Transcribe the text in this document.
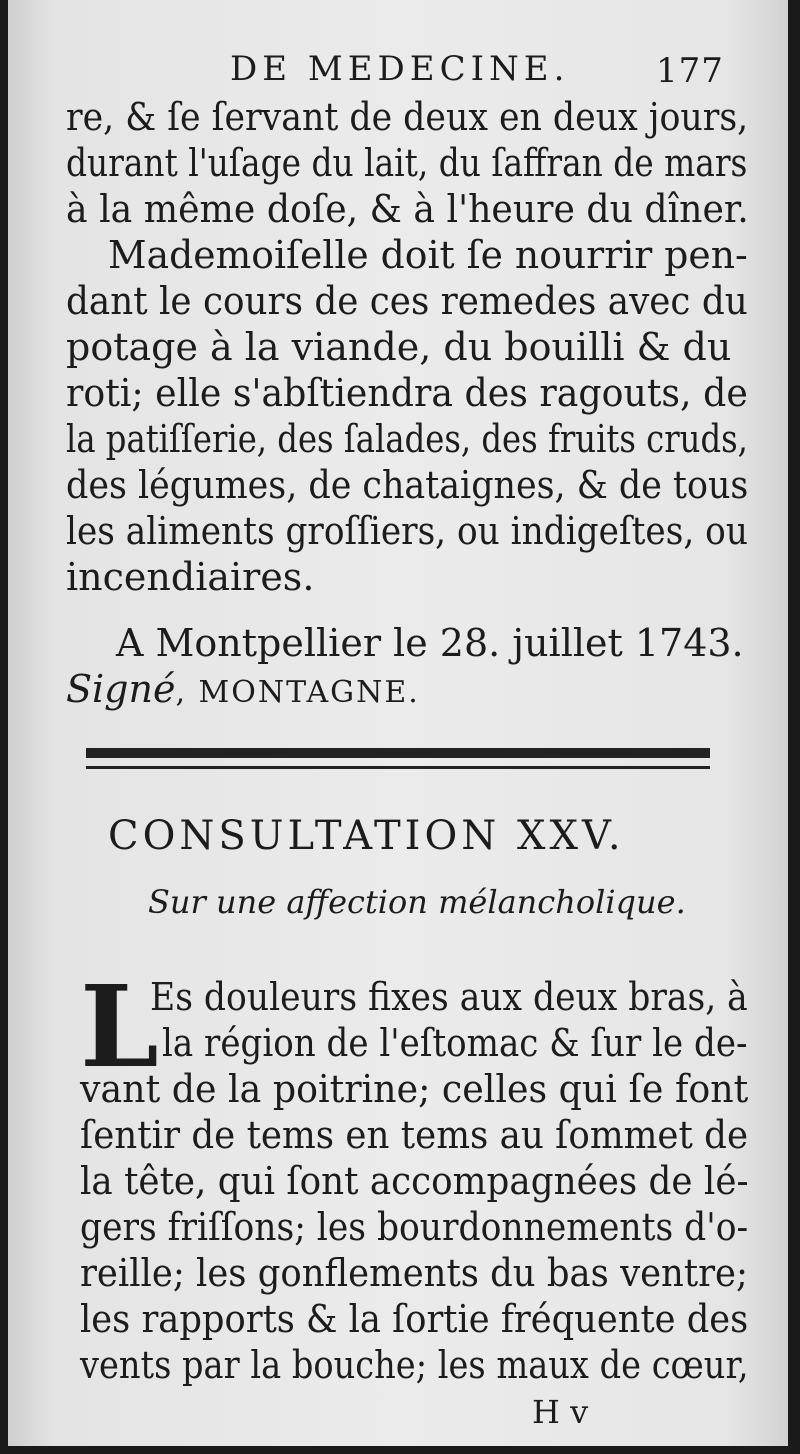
DE MEDECINE.	177

re, & ſe ſervant de deux en deux jours,

durant l'uſage du lait, du ſaffran de mars

à la même doſe, & à l'heure du dîner.

Mademoiſelle doit ſe nourrir pen-

dant le cours de ces remedes avec du

potage à la viande, du bouilli & du

roti; elle s'abſtiendra des ragouts, de

la patiſſerie, des ſalades, des fruits cruds,

des légumes, de chataignes, & de tous

les aliments groſſiers, ou indigeſtes, ou

incendiaires.

A Montpellier le 28. juillet 1743.

Signé, MONTAGNE.

CONSULTATION XXV.

Sur une affection mélancholique.

L

Es douleurs fixes aux deux bras, à

la région de l'eſtomac & ſur le de-

vant de la poitrine; celles qui ſe font

ſentir de tems en tems au ſommet de

la tête, qui ſont accompagnées de lé-

gers friſſons; les bourdonnements d'o-

reille; les gonflements du bas ventre;

les rapports & la ſortie fréquente des

vents par la bouche; les maux de cœur,

H v
